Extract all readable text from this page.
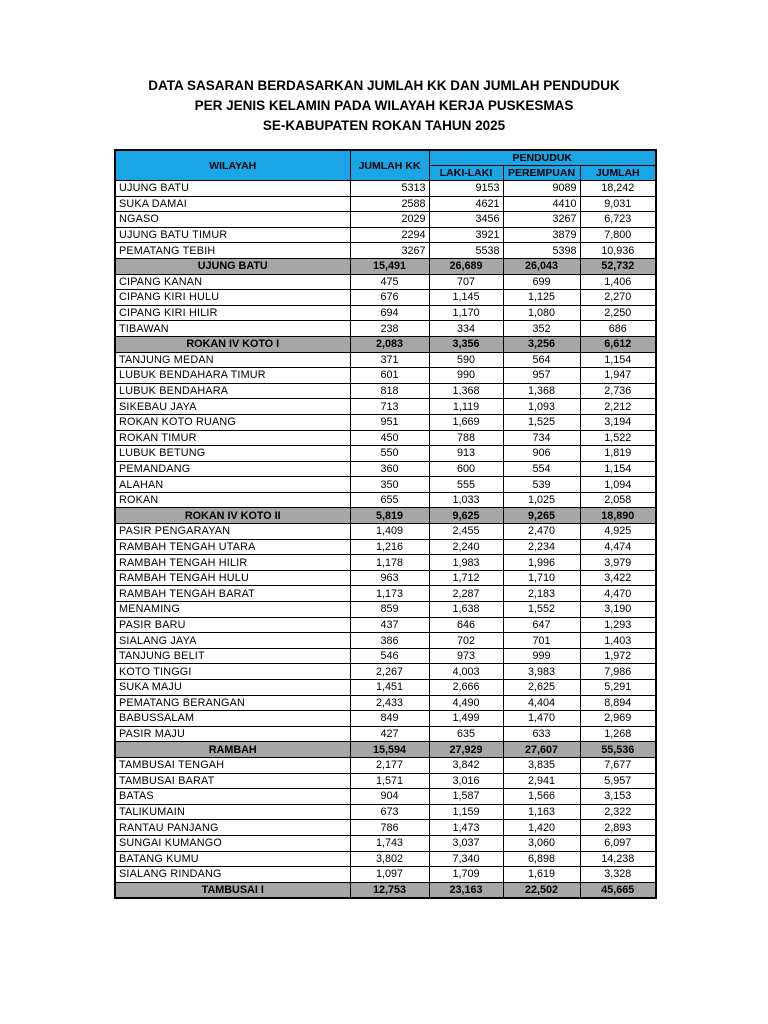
DATA SASARAN BERDASARKAN JUMLAH KK DAN JUMLAH PENDUDUK
PER JENIS KELAMIN PADA WILAYAH KERJA PUSKESMAS
SE-KABUPATEN ROKAN TAHUN 2025
WILAYAH	JUMLAH KK	PENDUDUK		
		LAKI-LAKI	PEREMPUAN	JUMLAH
UJUNG BATU	5313	9153	9089	18,242
SUKA DAMAI	2588	4621	4410	9,031
NGASO	2029	3456	3267	6,723
UJUNG BATU TIMUR	2294	3921	3879	7,800
PEMATANG TEBIH	3267	5538	5398	10,936
UJUNG BATU	15,491	26,689	26,043	52,732
CIPANG KANAN	475	707	699	1,406
CIPANG KIRI HULU	676	1,145	1,125	2,270
CIPANG KIRI HILIR	694	1,170	1,080	2,250
TIBAWAN	238	334	352	686
ROKAN IV KOTO I	2,083	3,356	3,256	6,612
TANJUNG MEDAN	371	590	564	1,154
LUBUK BENDAHARA TIMUR	601	990	957	1,947
LUBUK BENDAHARA	818	1,368	1,368	2,736
SIKEBAU JAYA	713	1,119	1,093	2,212
ROKAN KOTO RUANG	951	1,669	1,525	3,194
ROKAN TIMUR	450	788	734	1,522
LUBUK BETUNG	550	913	906	1,819
PEMANDANG	360	600	554	1,154
ALAHAN	350	555	539	1,094
ROKAN	655	1,033	1,025	2,058
ROKAN IV KOTO II	5,819	9,625	9,265	18,890
PASIR PENGARAYAN	1,409	2,455	2,470	4,925
RAMBAH TENGAH UTARA	1,216	2,240	2,234	4,474
RAMBAH TENGAH HILIR	1,178	1,983	1,996	3,979
RAMBAH TENGAH HULU	963	1,712	1,710	3,422
RAMBAH TENGAH BARAT	1,173	2,287	2,183	4,470
MENAMING	859	1,638	1,552	3,190
PASIR BARU	437	646	647	1,293
SIALANG JAYA	386	702	701	1,403
TANJUNG BELIT	546	973	999	1,972
KOTO TINGGI	2,267	4,003	3,983	7,986
SUKA MAJU	1,451	2,666	2,625	5,291
PEMATANG BERANGAN	2,433	4,490	4,404	8,894
BABUSSALAM	849	1,499	1,470	2,969
PASIR MAJU	427	635	633	1,268
RAMBAH	15,594	27,929	27,607	55,536
TAMBUSAI TENGAH	2,177	3,842	3,835	7,677
TAMBUSAI BARAT	1,571	3,016	2,941	5,957
BATAS	904	1,587	1,566	3,153
TALIKUMAIN	673	1,159	1,163	2,322
RANTAU PANJANG	786	1,473	1,420	2,893
SUNGAI KUMANGO	1,743	3,037	3,060	6,097
BATANG KUMU	3,802	7,340	6,898	14,238
SIALANG RINDANG	1,097	1,709	1,619	3,328
TAMBUSAI I	12,753	23,163	22,502	45,665
